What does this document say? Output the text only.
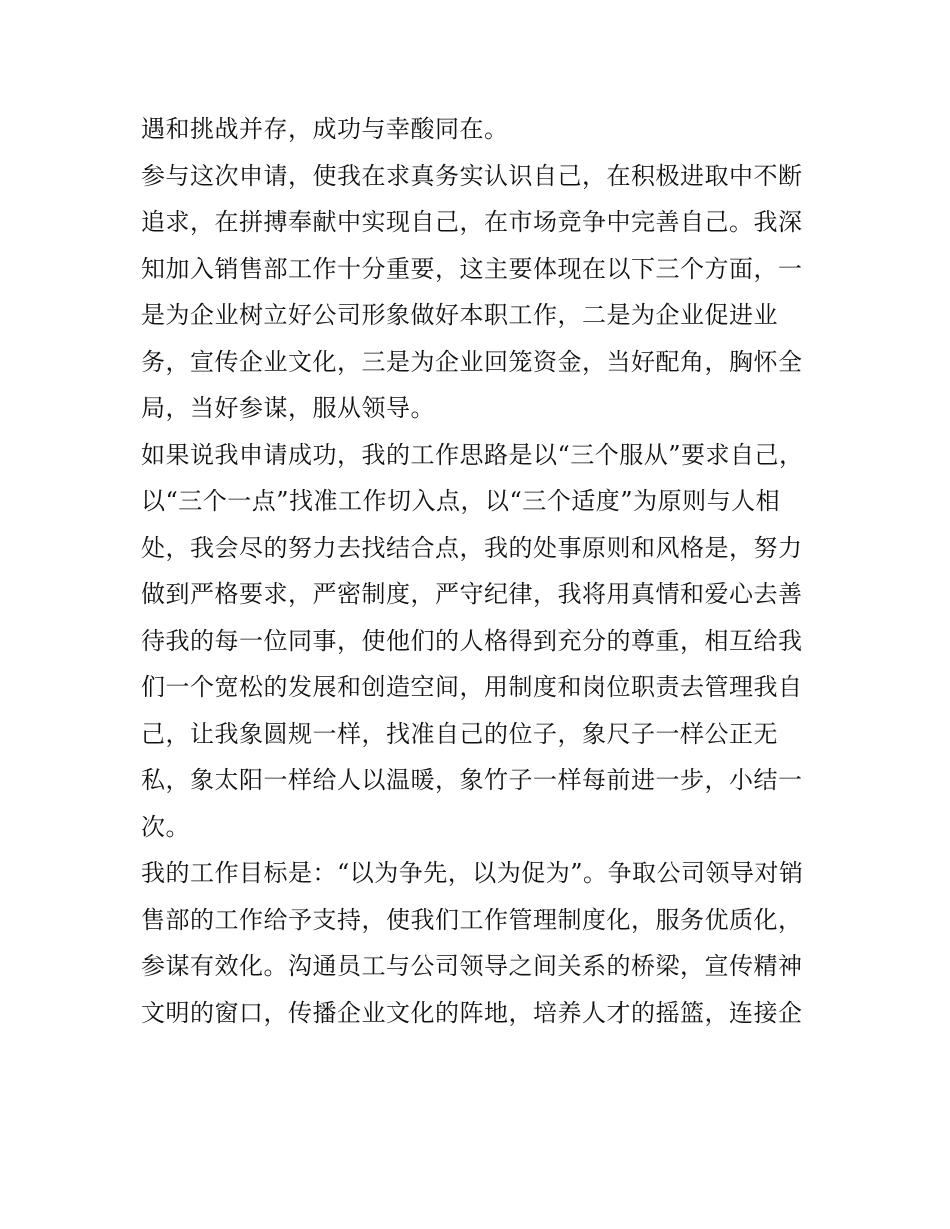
遇和挑战并存，成功与幸酸同在。
参与这次申请，使我在求真务实认识自己，在积极进取中不断
追求，在拼搏奉献中实现自己，在市场竞争中完善自己。我深
知加入销售部工作十分重要，这主要体现在以下三个方面，一
是为企业树立好公司形象做好本职工作，二是为企业促进业
务，宣传企业文化，三是为企业回笼资金，当好配角，胸怀全
局，当好参谋，服从领导。
如果说我申请成功，我的工作思路是以“三个服从”要求自己，
以“三个一点”找准工作切入点，以“三个适度”为原则与人相
处，我会尽的努力去找结合点，我的处事原则和风格是，努力
做到严格要求，严密制度，严守纪律，我将用真情和爱心去善
待我的每一位同事，使他们的人格得到充分的尊重，相互给我
们一个宽松的发展和创造空间，用制度和岗位职责去管理我自
己，让我象圆规一样，找准自己的位子，象尺子一样公正无
私，象太阳一样给人以温暖，象竹子一样每前进一步，小结一
次。
我的工作目标是：“以为争先，以为促为”。争取公司领导对销
售部的工作给予支持，使我们工作管理制度化，服务优质化，
参谋有效化。沟通员工与公司领导之间关系的桥梁，宣传精神
文明的窗口，传播企业文化的阵地，培养人才的摇篮，连接企
